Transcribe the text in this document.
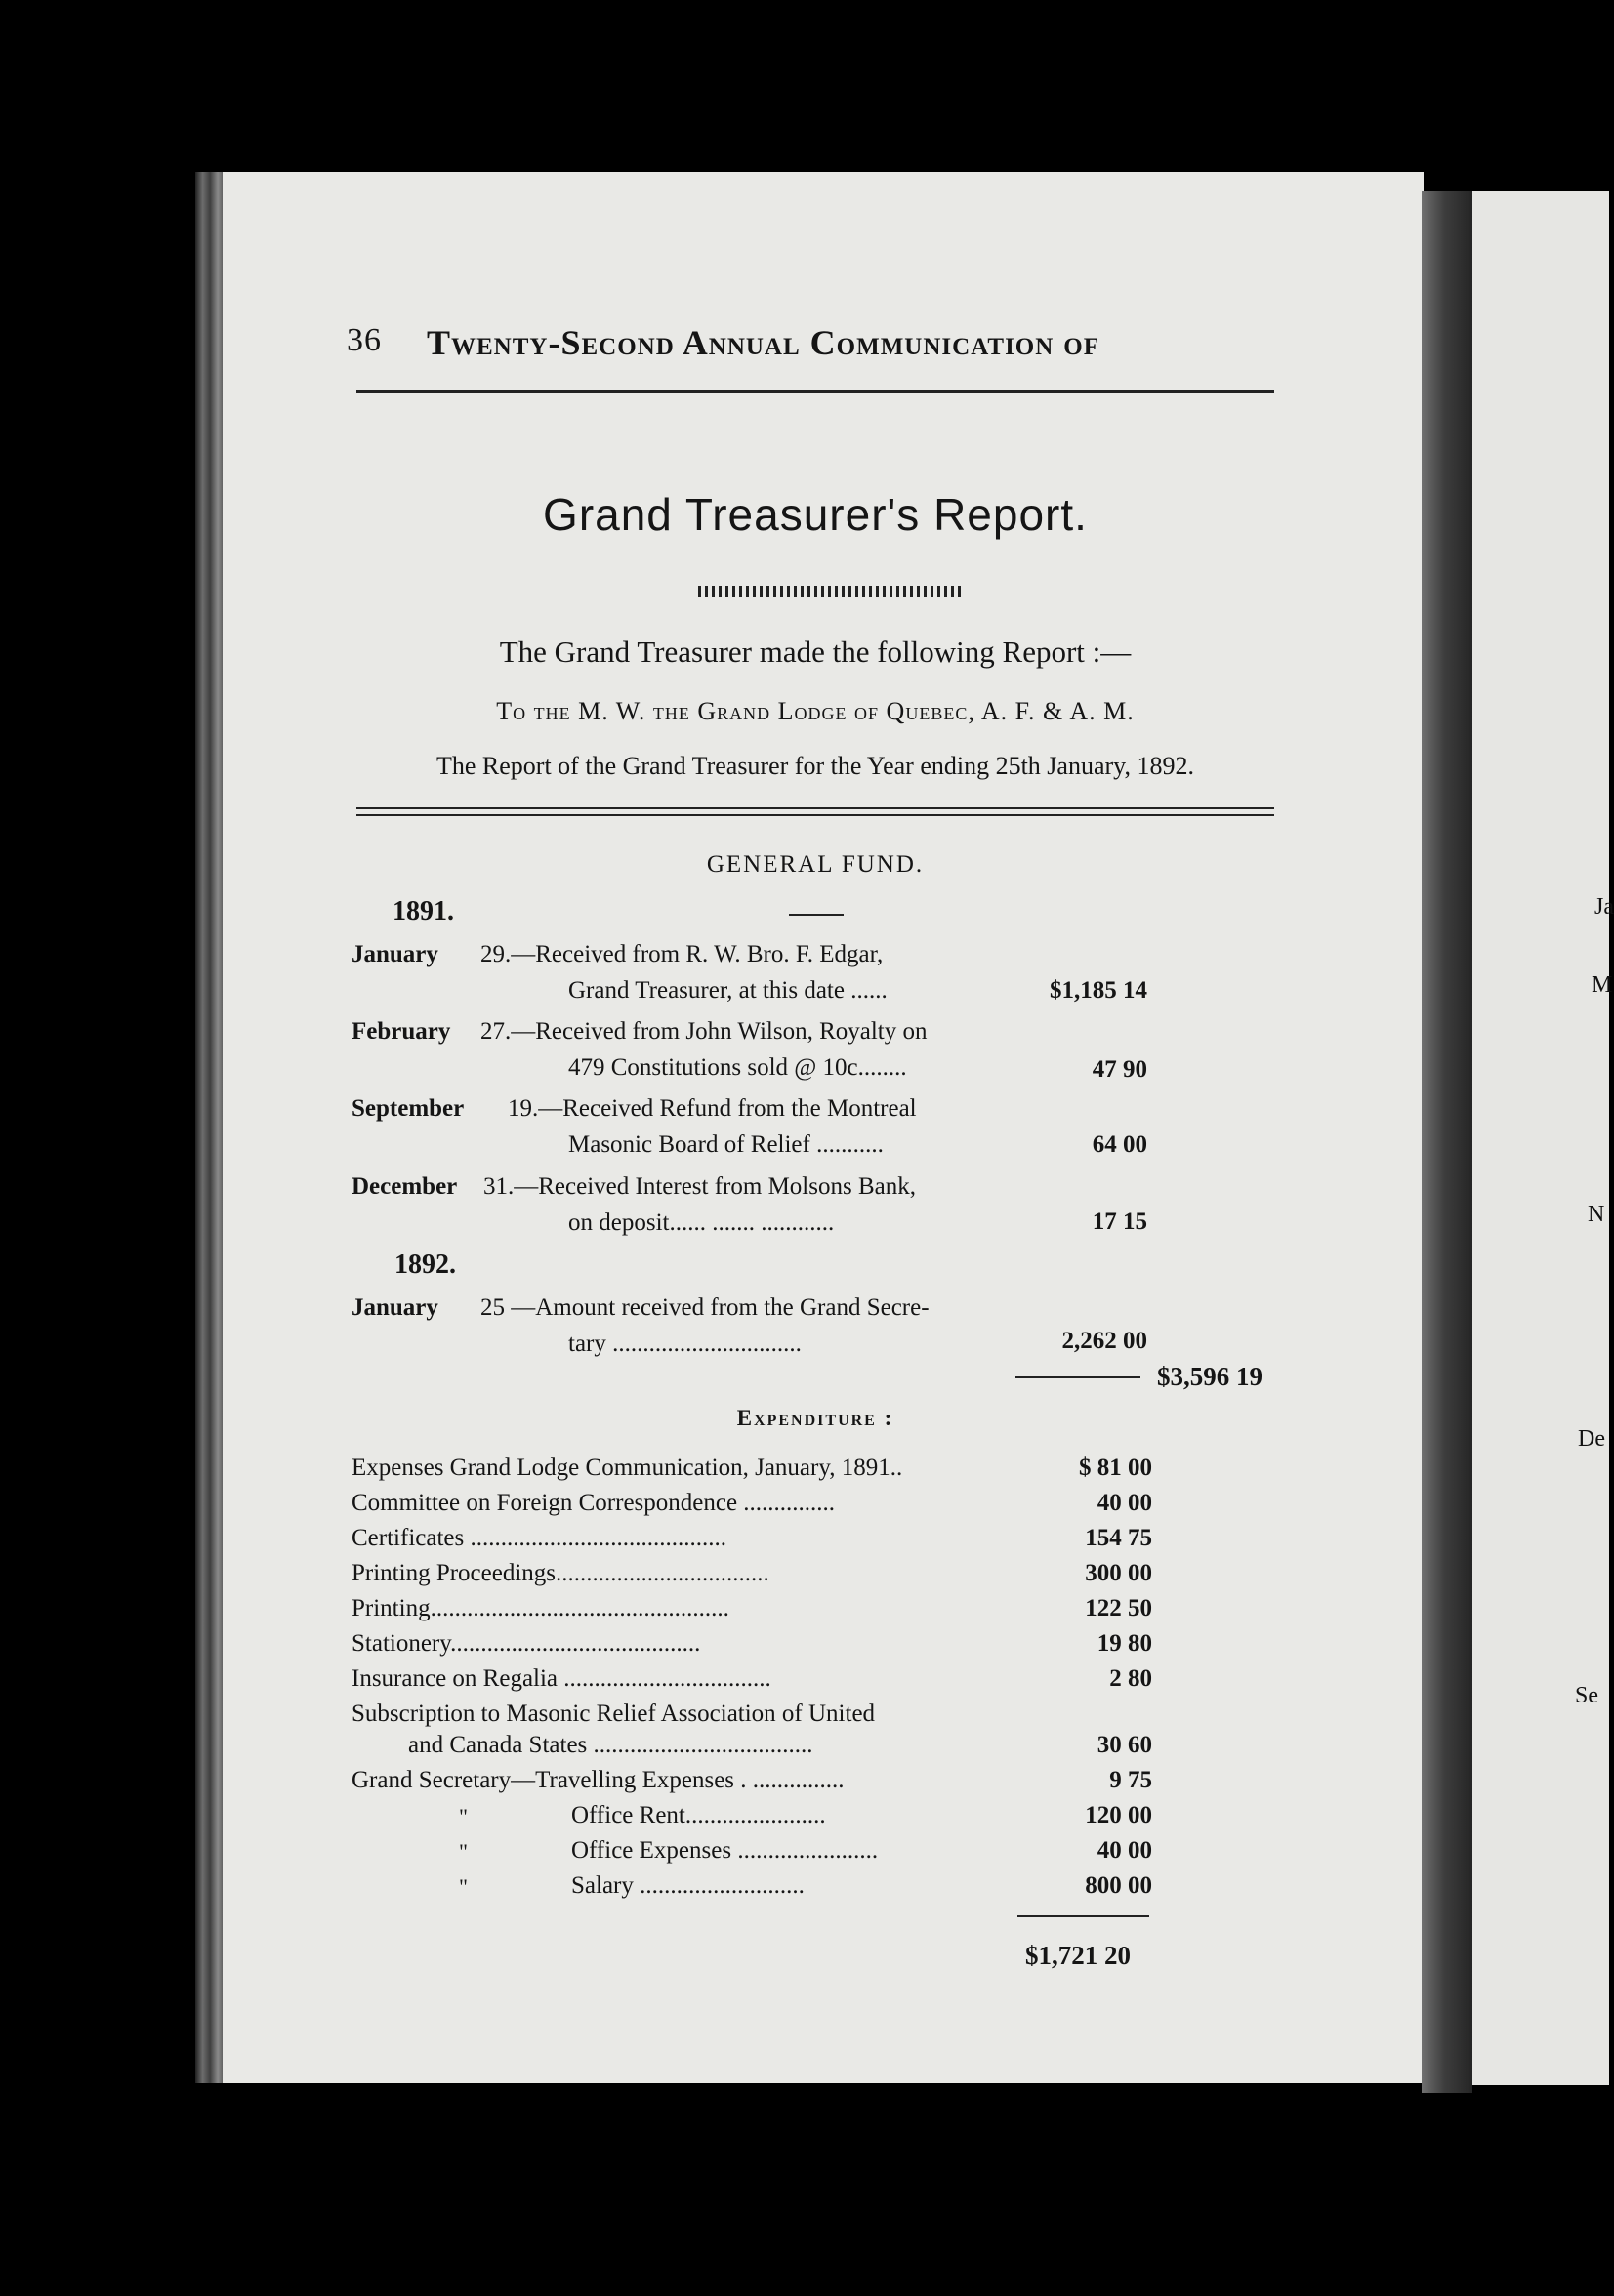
Ja
M
N
De
Se
36 Twenty-Second Annual Communication of
Grand Treasurer's Report.
The Grand Treasurer made the following Report :—
To the M. W. the Grand Lodge of Quebec, A. F. & A. M.
The Report of the Grand Treasurer for the Year ending 25th January, 1892.
GENERAL FUND.
1891.
January 29.—Received from R. W. Bro. F. Edgar,
Grand Treasurer, at this date ......	$1,185 14
February 27.—Received from John Wilson, Royalty on
479 Constitutions sold @ 10c........	47 90
September 19.—Received Refund from the Montreal
Masonic Board of Relief ...........	64 00
December 31.—Received Interest from Molsons Bank,
on deposit...... ....... ............	17 15
1892.
January 25 —Amount received from the Grand Secre-
tary ...............................	2,262 00
$3,596 19
Expenditure :
Expenses Grand Lodge Communication, January, 1891..	$ 81 00
Committee on Foreign Correspondence ...............	40 00
Certificates ..........................................	154 75
Printing Proceedings...................................	300 00
Printing.................................................	122 50
Stationery.........................................	19 80
Insurance on Regalia ..................................	2 80
Subscription to Masonic Relief Association of United
and Canada States ....................................	30 60
Grand Secretary—Travelling Expenses . ...............	9 75
"	Office Rent.......................	120 00
"	Office Expenses .......................	40 00
"	Salary ...........................	800 00
$1,721 20
